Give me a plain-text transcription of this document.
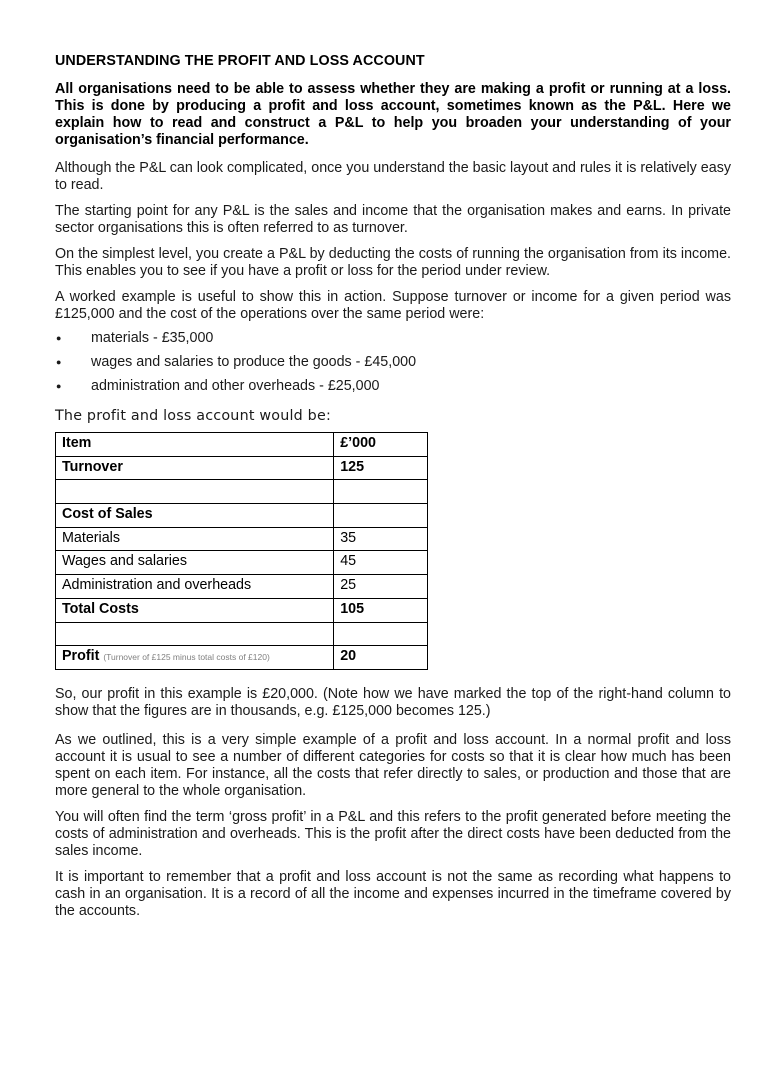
UNDERSTANDING THE PROFIT AND LOSS ACCOUNT
All organisations need to be able to assess whether they are making a profit or running at a loss. This is done by producing a profit and loss account, sometimes known as the P&L. Here we explain how to read and construct a P&L to help you broaden your understanding of your organisation’s financial performance.

Although the P&L can look complicated, once you understand the basic layout and rules it is relatively easy to read.

The starting point for any P&L is the sales and income that the organisation makes and earns. In private sector organisations this is often referred to as turnover.

On the simplest level, you create a P&L by deducting the costs of running the organisation from its income. This enables you to see if you have a profit or loss for the period under review.

A worked example is useful to show this in action. Suppose turnover or income for a given period was £125,000 and the cost of the operations over the same period were:

● materials - £35,000
● wages and salaries to produce the goods - £45,000
● administration and other overheads - £25,000
The profit and loss account would be:
Item	£’000
Turnover	125

Cost of Sales	
Materials	35
Wages and salaries	45
Administration and overheads	25
Total Costs	105

Profit (Turnover of £125 minus total costs of £120)	20

So, our profit in this example is £20,000. (Note how we have marked the top of the right-hand column to show that the figures are in thousands, e.g. £125,000 becomes 125.)

As we outlined, this is a very simple example of a profit and loss account. In a normal profit and loss account it is usual to see a number of different categories for costs so that it is clear how much has been spent on each item. For instance, all the costs that refer directly to sales, or production and those that are more general to the whole organisation.

You will often find the term ‘gross profit’ in a P&L and this refers to the profit generated before meeting the costs of administration and overheads. This is the profit after the direct costs have been deducted from the sales income.

It is important to remember that a profit and loss account is not the same as recording what happens to cash in an organisation. It is a record of all the income and expenses incurred in the timeframe covered by the accounts.
